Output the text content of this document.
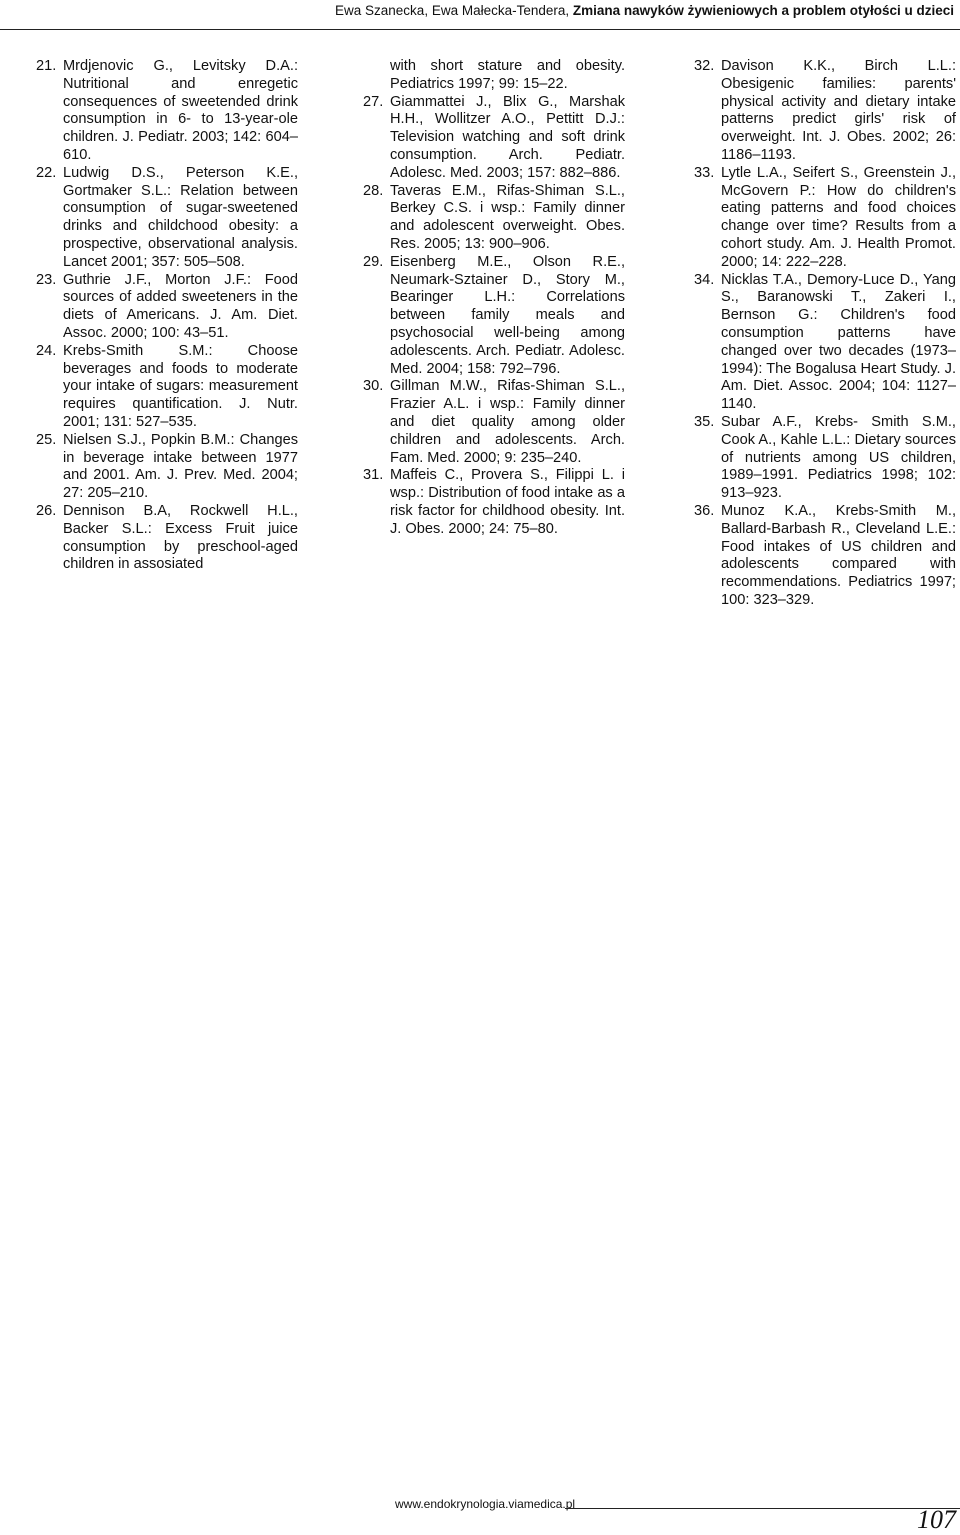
Ewa Szanecka, Ewa Małecka-Tendera, Zmiana nawyków żywieniowych a problem otyłości u dzieci

21. Mrdjenovic G., Levitsky D.A.: Nutritional and enregetic consequences of sweetended drink consumption in 6- to 13-year-ole children. J. Pediatr. 2003; 142: 604–610.

22. Ludwig D.S., Peterson K.E., Gortmaker S.L.: Relation between consumption of sugar-sweetened drinks and childchood obesity: a prospective, observational analysis. Lancet 2001; 357: 505–508.

23. Guthrie J.F., Morton J.F.: Food sources of added sweeteners in the diets of Americans. J. Am. Diet. Assoc. 2000; 100: 43–51.

24. Krebs-Smith S.M.: Choose beverages and foods to moderate your intake of sugars: measurement requires quantification. J. Nutr. 2001; 131: 527–535.

25. Nielsen S.J., Popkin B.M.: Changes in beverage intake between 1977 and 2001. Am. J. Prev. Med. 2004; 27: 205–210.

26. Dennison B.A, Rockwell H.L., Backer S.L.: Excess Fruit juice consumption by preschool-aged children in assosiated

with short stature and obesity. Pediatrics 1997; 99: 15–22.

27. Giammattei J., Blix G., Marshak H.H., Wollitzer A.O., Pettitt D.J.: Television watching and soft drink consumption. Arch. Pediatr. Adolesc. Med. 2003; 157: 882–886.

28. Taveras E.M., Rifas-Shiman S.L., Berkey C.S. i wsp.: Family dinner and adolescent overweight. Obes. Res. 2005; 13: 900–906.

29. Eisenberg M.E., Olson R.E., Neumark-Sztainer D., Story M., Bearinger L.H.: Correlations between family meals and psychosocial well-being among adolescents. Arch. Pediatr. Adolesc. Med. 2004; 158: 792–796.

30. Gillman M.W., Rifas-Shiman S.L., Frazier A.L. i wsp.: Family dinner and diet quality among older children and adolescents. Arch. Fam. Med. 2000; 9: 235–240.

31. Maffeis C., Provera S., Filippi L. i wsp.: Distribution of food intake as a risk factor for childhood obesity. Int. J. Obes. 2000; 24: 75–80.

32. Davison K.K., Birch L.L.: Obesigenic families: parents' physical activity and dietary intake patterns predict girls' risk of overweight. Int. J. Obes. 2002; 26: 1186–1193.

33. Lytle L.A., Seifert S., Greenstein J., McGovern P.: How do children's eating patterns and food choices change over time? Results from a cohort study. Am. J. Health Promot. 2000; 14: 222–228.

34. Nicklas T.A., Demory-Luce D., Yang S., Baranowski T., Zakeri I., Bernson G.: Children's food consumption patterns have changed over two decades (1973–1994): The Bogalusa Heart Study. J. Am. Diet. Assoc. 2004; 104: 1127–1140.

35. Subar A.F., Krebs- Smith S.M., Cook A., Kahle L.L.: Dietary sources of nutrients among US children, 1989–1991. Pediatrics 1998; 102: 913–923.

36. Munoz K.A., Krebs-Smith M., Ballard-Barbash R., Cleveland L.E.: Food intakes of US children and adolescents compared with recommendations. Pediatrics 1997; 100: 323–329.

www.endokrynologia.viamedica.pl
107
